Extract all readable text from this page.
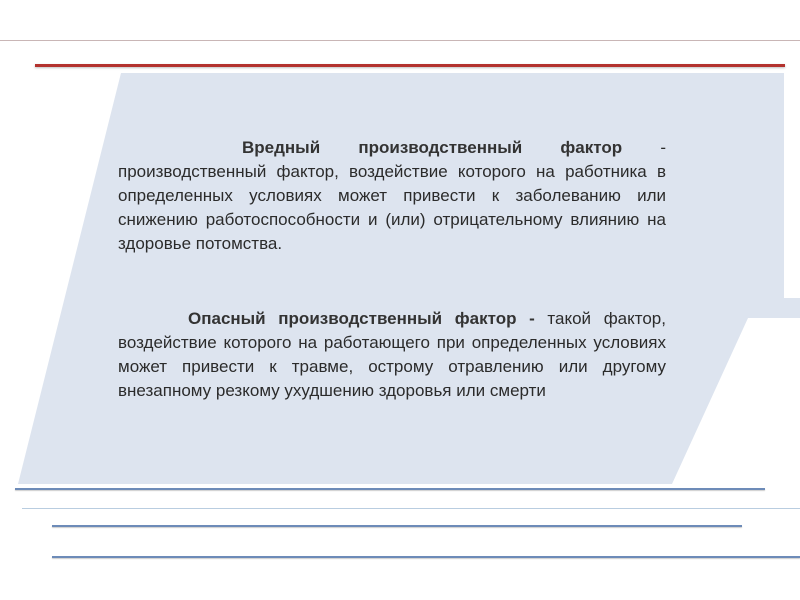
Вредный производственный фактор - производственный фактор, воздействие которого на работника в определенных условиях может привести к заболеванию или снижению работоспособности и (или) отрицательному влиянию на здоровье потомства.
Опасный производственный фактор - такой фактор, воздействие которого на работающего при определенных условиях может привести к травме, острому отравлению или другому внезапному резкому ухудшению здоровья или смерти
